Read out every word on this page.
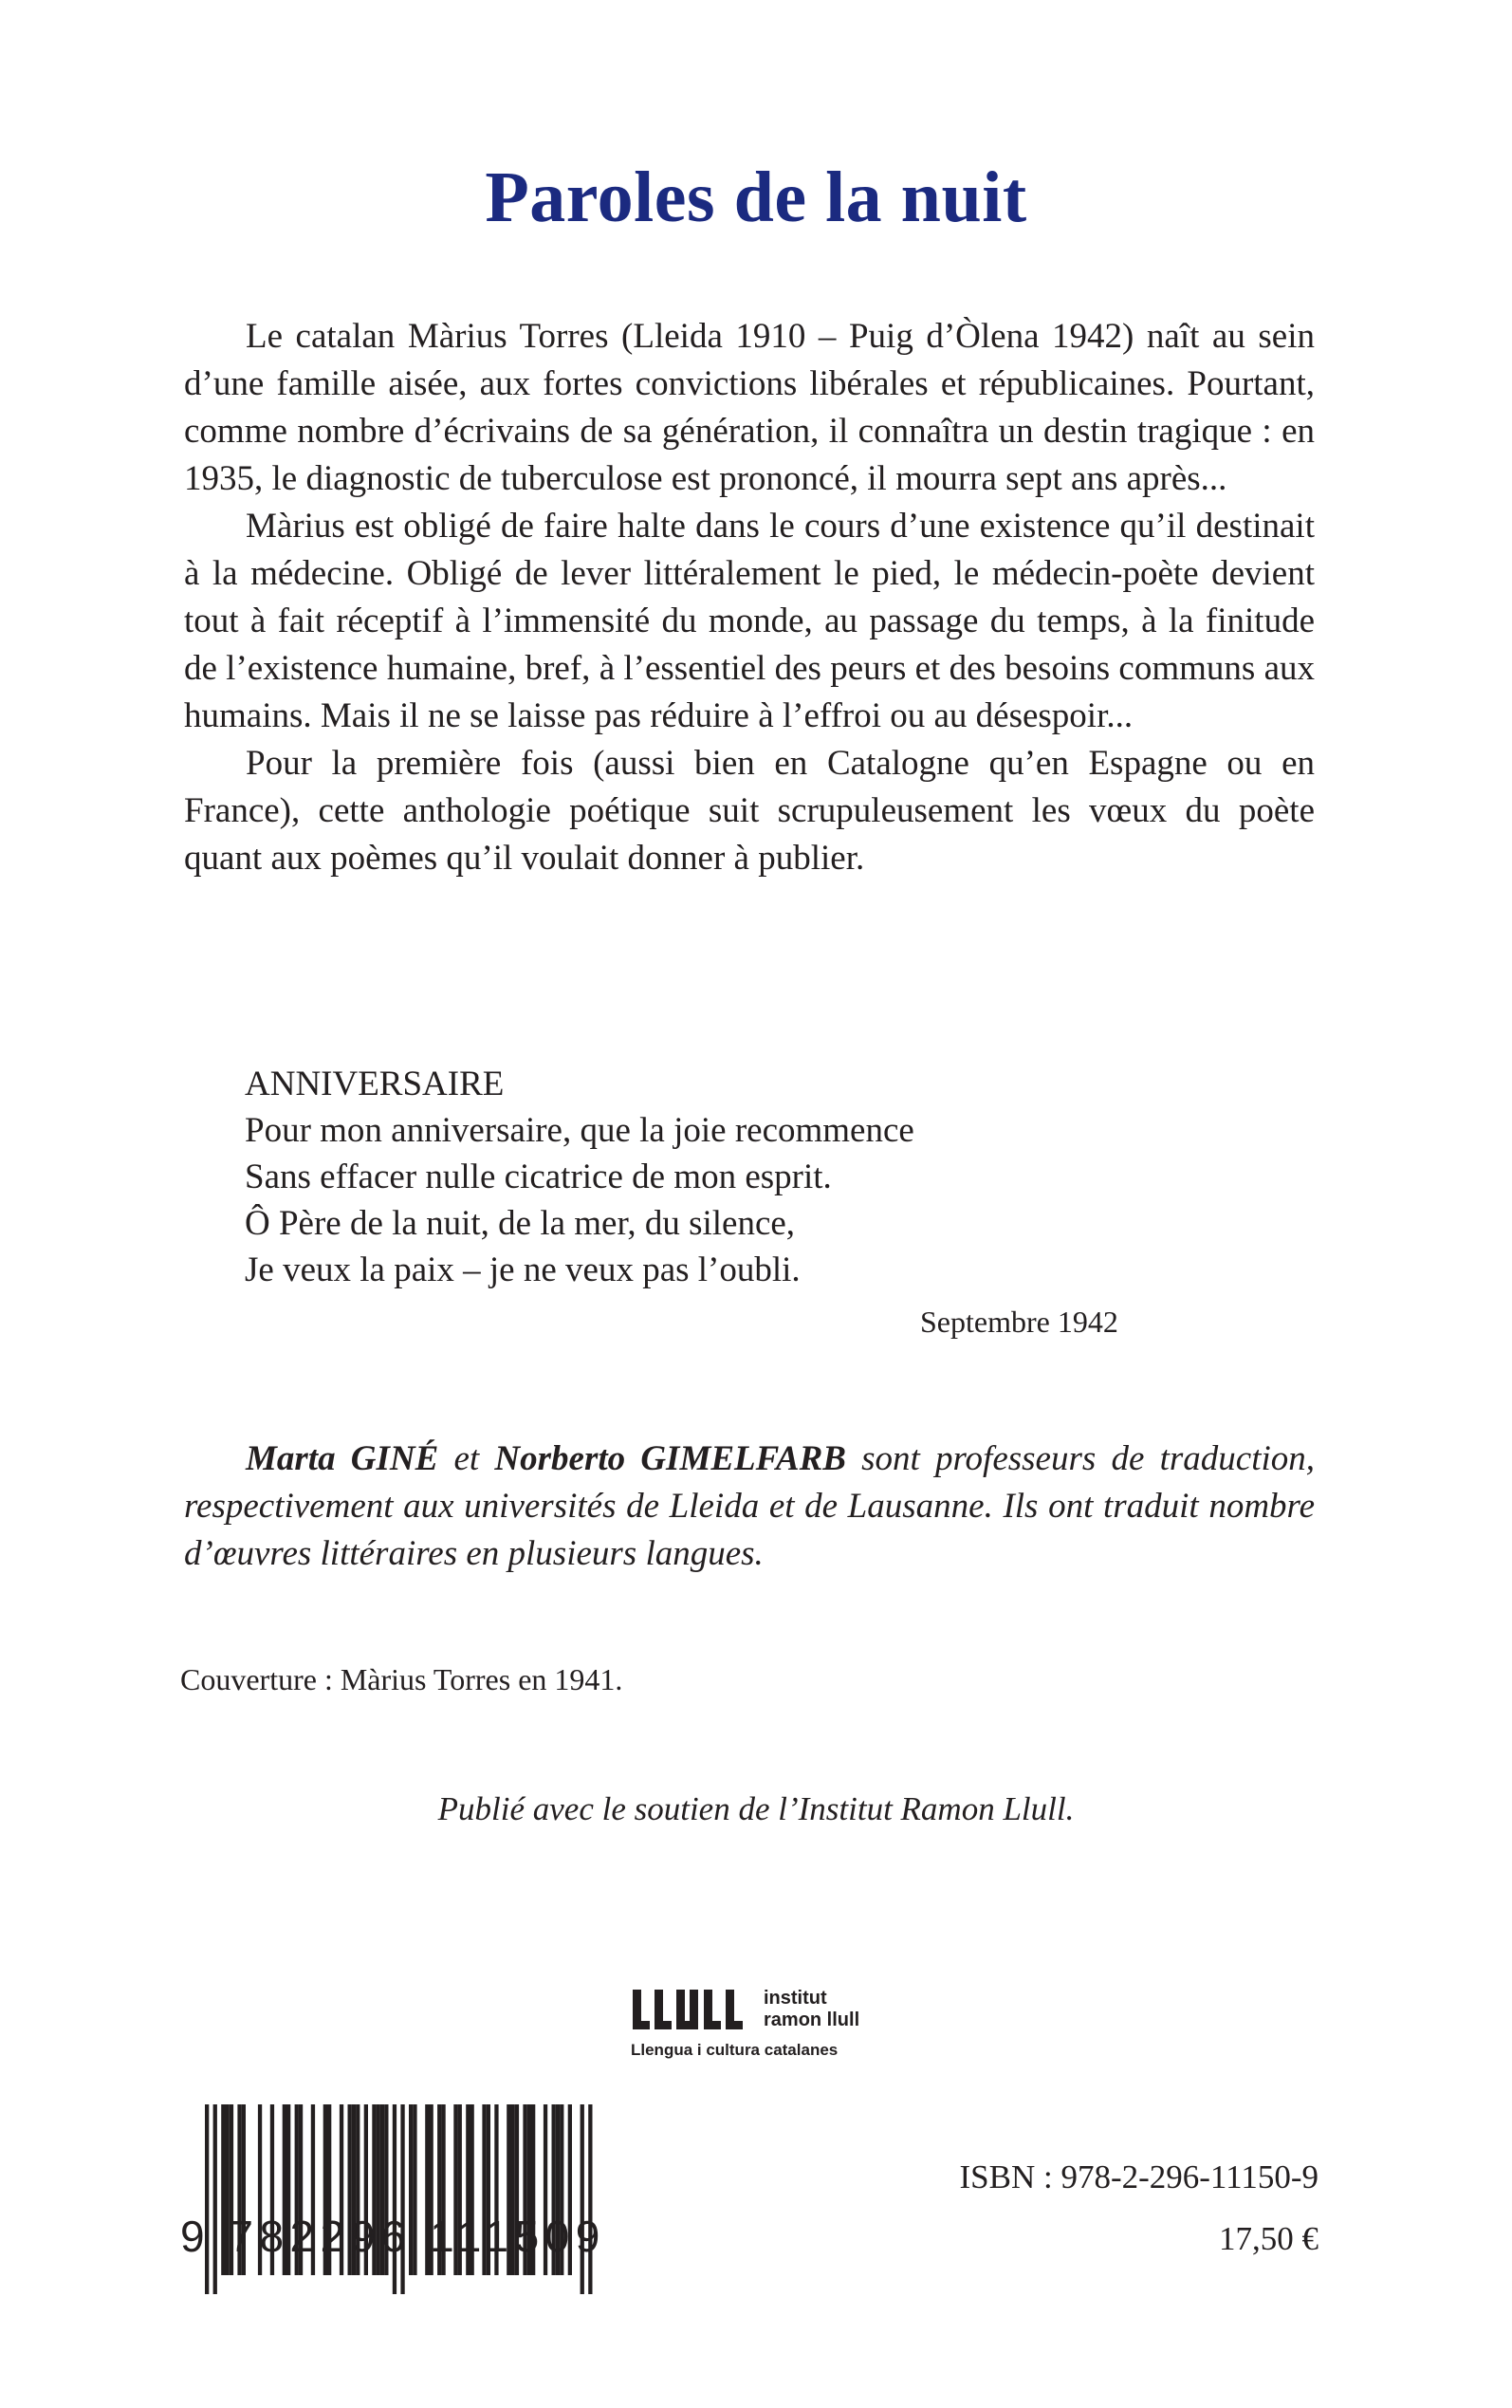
Paroles de la nuit

Le catalan Màrius Torres (Lleida 1910 – Puig d’Òlena 1942) naît au sein d’une famille aisée, aux fortes convictions libérales et républicaines. Pourtant, comme nombre d’écrivains de sa génération, il connaîtra un destin tragique : en 1935, le diagnostic de tuberculose est prononcé, il mourra sept ans après...

Màrius est obligé de faire halte dans le cours d’une existence qu’il destinait à la médecine. Obligé de lever littéralement le pied, le médecin-poète devient tout à fait réceptif à l’immensité du monde, au passage du temps, à la finitude de l’existence humaine, bref, à l’essentiel des peurs et des besoins communs aux humains. Mais il ne se laisse pas réduire à l’effroi ou au désespoir...

Pour la première fois (aussi bien en Catalogne qu’en Espagne ou en France), cette anthologie poétique suit scrupuleusement les vœux du poète quant aux poèmes qu’il voulait donner à publier.

ANNIVERSAIRE
Pour mon anniversaire, que la joie recommence
Sans effacer nulle cicatrice de mon esprit.
Ô Père de la nuit, de la mer, du silence,
Je veux la paix – je ne veux pas l’oubli.
Septembre 1942

Marta GINÉ et Norberto GIMELFARB sont professeurs de traduction, respectivement aux universités de Lleida et de Lausanne. Ils ont traduit nombre d’œuvres littéraires en plusieurs langues.

Couverture : Màrius Torres en 1941.
Publié avec le soutien de l’Institut Ramon Llull.
institut
ramon llull
Llengua i cultura catalanes
9 782296 111509
ISBN : 978-2-296-11150-9
17,50 €
